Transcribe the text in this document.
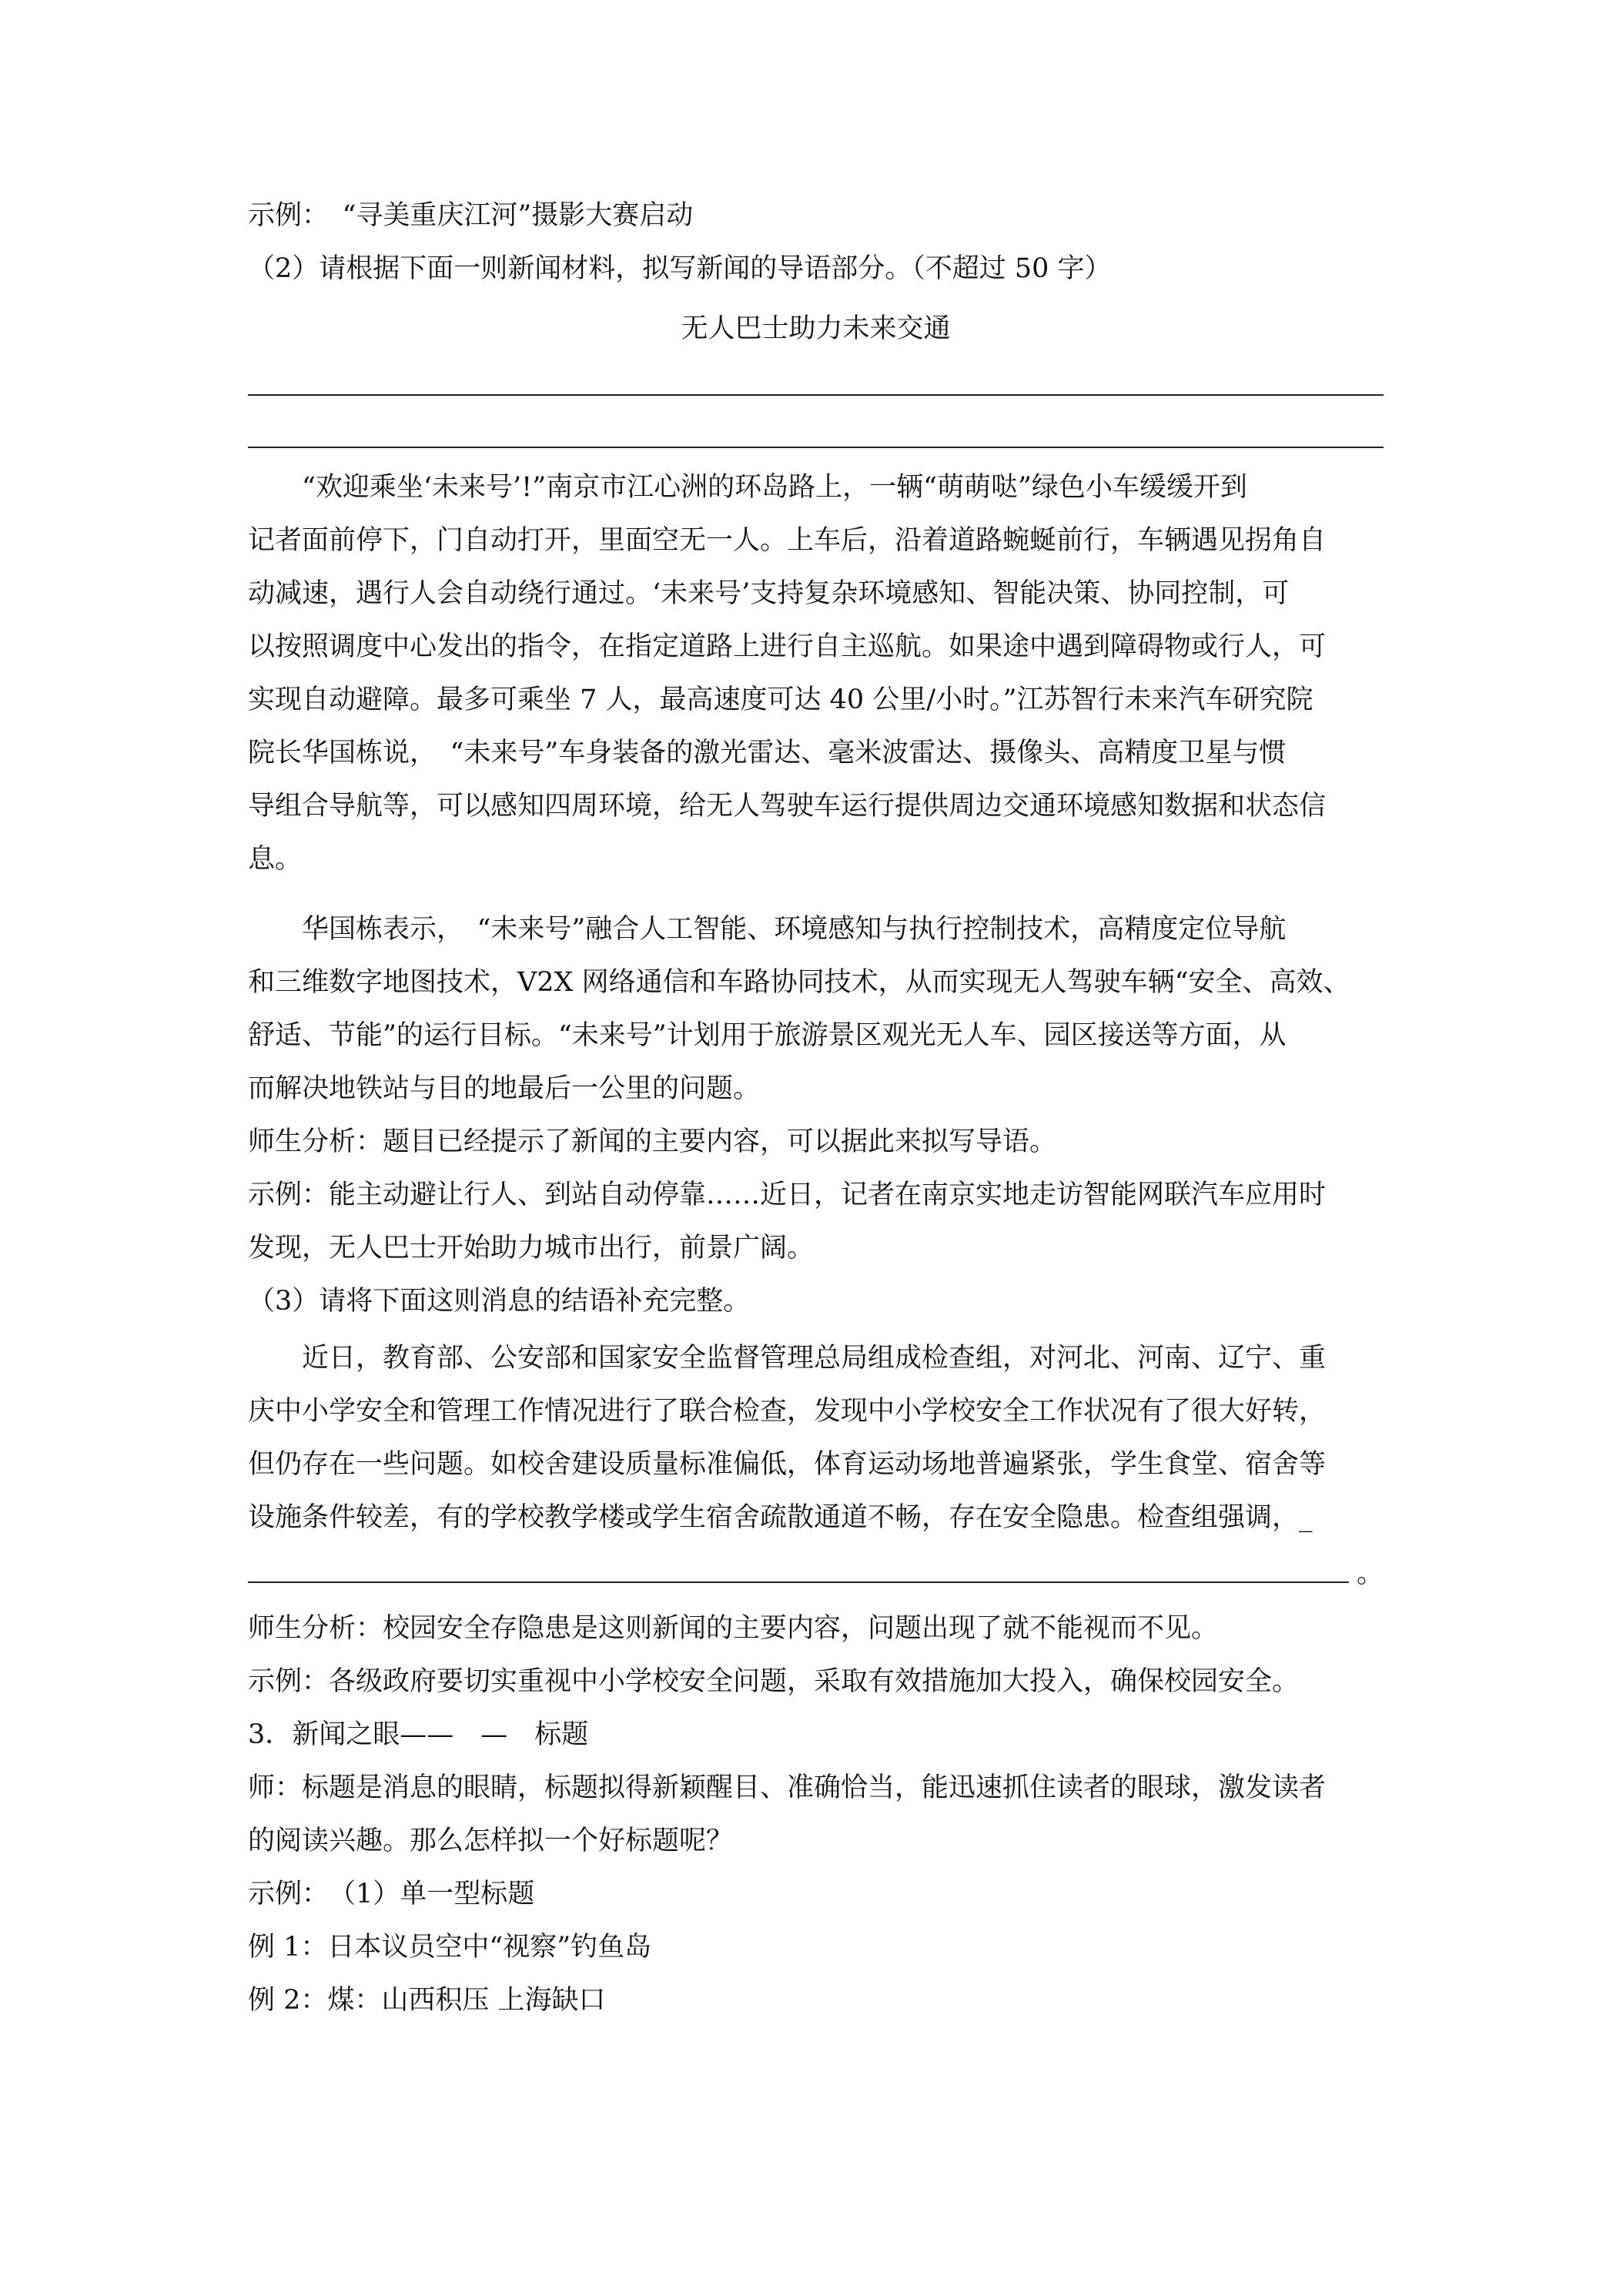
示例：　“寻美重庆江河”摄影大赛启动
（2）请根据下面一则新闻材料，拟写新闻的导语部分。（不超过 50 字）
无人巴士助力未来交通
“欢迎乘坐‘未来号’!”南京市江心洲的环岛路上，一辆“萌萌哒”绿色小车缓缓开到
记者面前停下，门自动打开，里面空无一人。上车后，沿着道路蜿蜒前行，车辆遇见拐角自
动减速，遇行人会自动绕行通过。‘未来号’支持复杂环境感知、智能决策、协同控制，可
以按照调度中心发出的指令，在指定道路上进行自主巡航。如果途中遇到障碍物或行人，可
实现自动避障。最多可乘坐 7 人，最高速度可达 40 公里/小时。”江苏智行未来汽车研究院
院长华国栋说，　“未来号”车身装备的激光雷达、毫米波雷达、摄像头、高精度卫星与惯
导组合导航等，可以感知四周环境，给无人驾驶车运行提供周边交通环境感知数据和状态信
息。
华国栋表示，　“未来号”融合人工智能、环境感知与执行控制技术，高精度定位导航
和三维数字地图技术，V2X 网络通信和车路协同技术，从而实现无人驾驶车辆“安全、高效、
舒适、节能”的运行目标。“未来号”计划用于旅游景区观光无人车、园区接送等方面，从
而解决地铁站与目的地最后一公里的问题。
师生分析：题目已经提示了新闻的主要内容，可以据此来拟写导语。
示例：能主动避让行人、到站自动停靠……近日，记者在南京实地走访智能网联汽车应用时
发现，无人巴士开始助力城市出行，前景广阔。
（3）请将下面这则消息的结语补充完整。
近日，教育部、公安部和国家安全监督管理总局组成检查组，对河北、河南、辽宁、重
庆中小学安全和管理工作情况进行了联合检查，发现中小学校安全工作状况有了很大好转，
但仍存在一些问题。如校舍建设质量标准偏低，体育运动场地普遍紧张，学生食堂、宿舍等
设施条件较差，有的学校教学楼或学生宿舍疏散通道不畅，存在安全隐患。检查组强调，_
。
师生分析：校园安全存隐患是这则新闻的主要内容，问题出现了就不能视而不见。
示例：各级政府要切实重视中小学校安全问题，采取有效措施加大投入，确保校园安全。
3．新闻之眼——　—　标题
师：标题是消息的眼睛，标题拟得新颖醒目、准确恰当，能迅速抓住读者的眼球，激发读者
的阅读兴趣。那么怎样拟一个好标题呢？
示例：　（1）单一型标题
例 1：日本议员空中“视察”钓鱼岛
例 2：煤：山西积压 上海缺口
